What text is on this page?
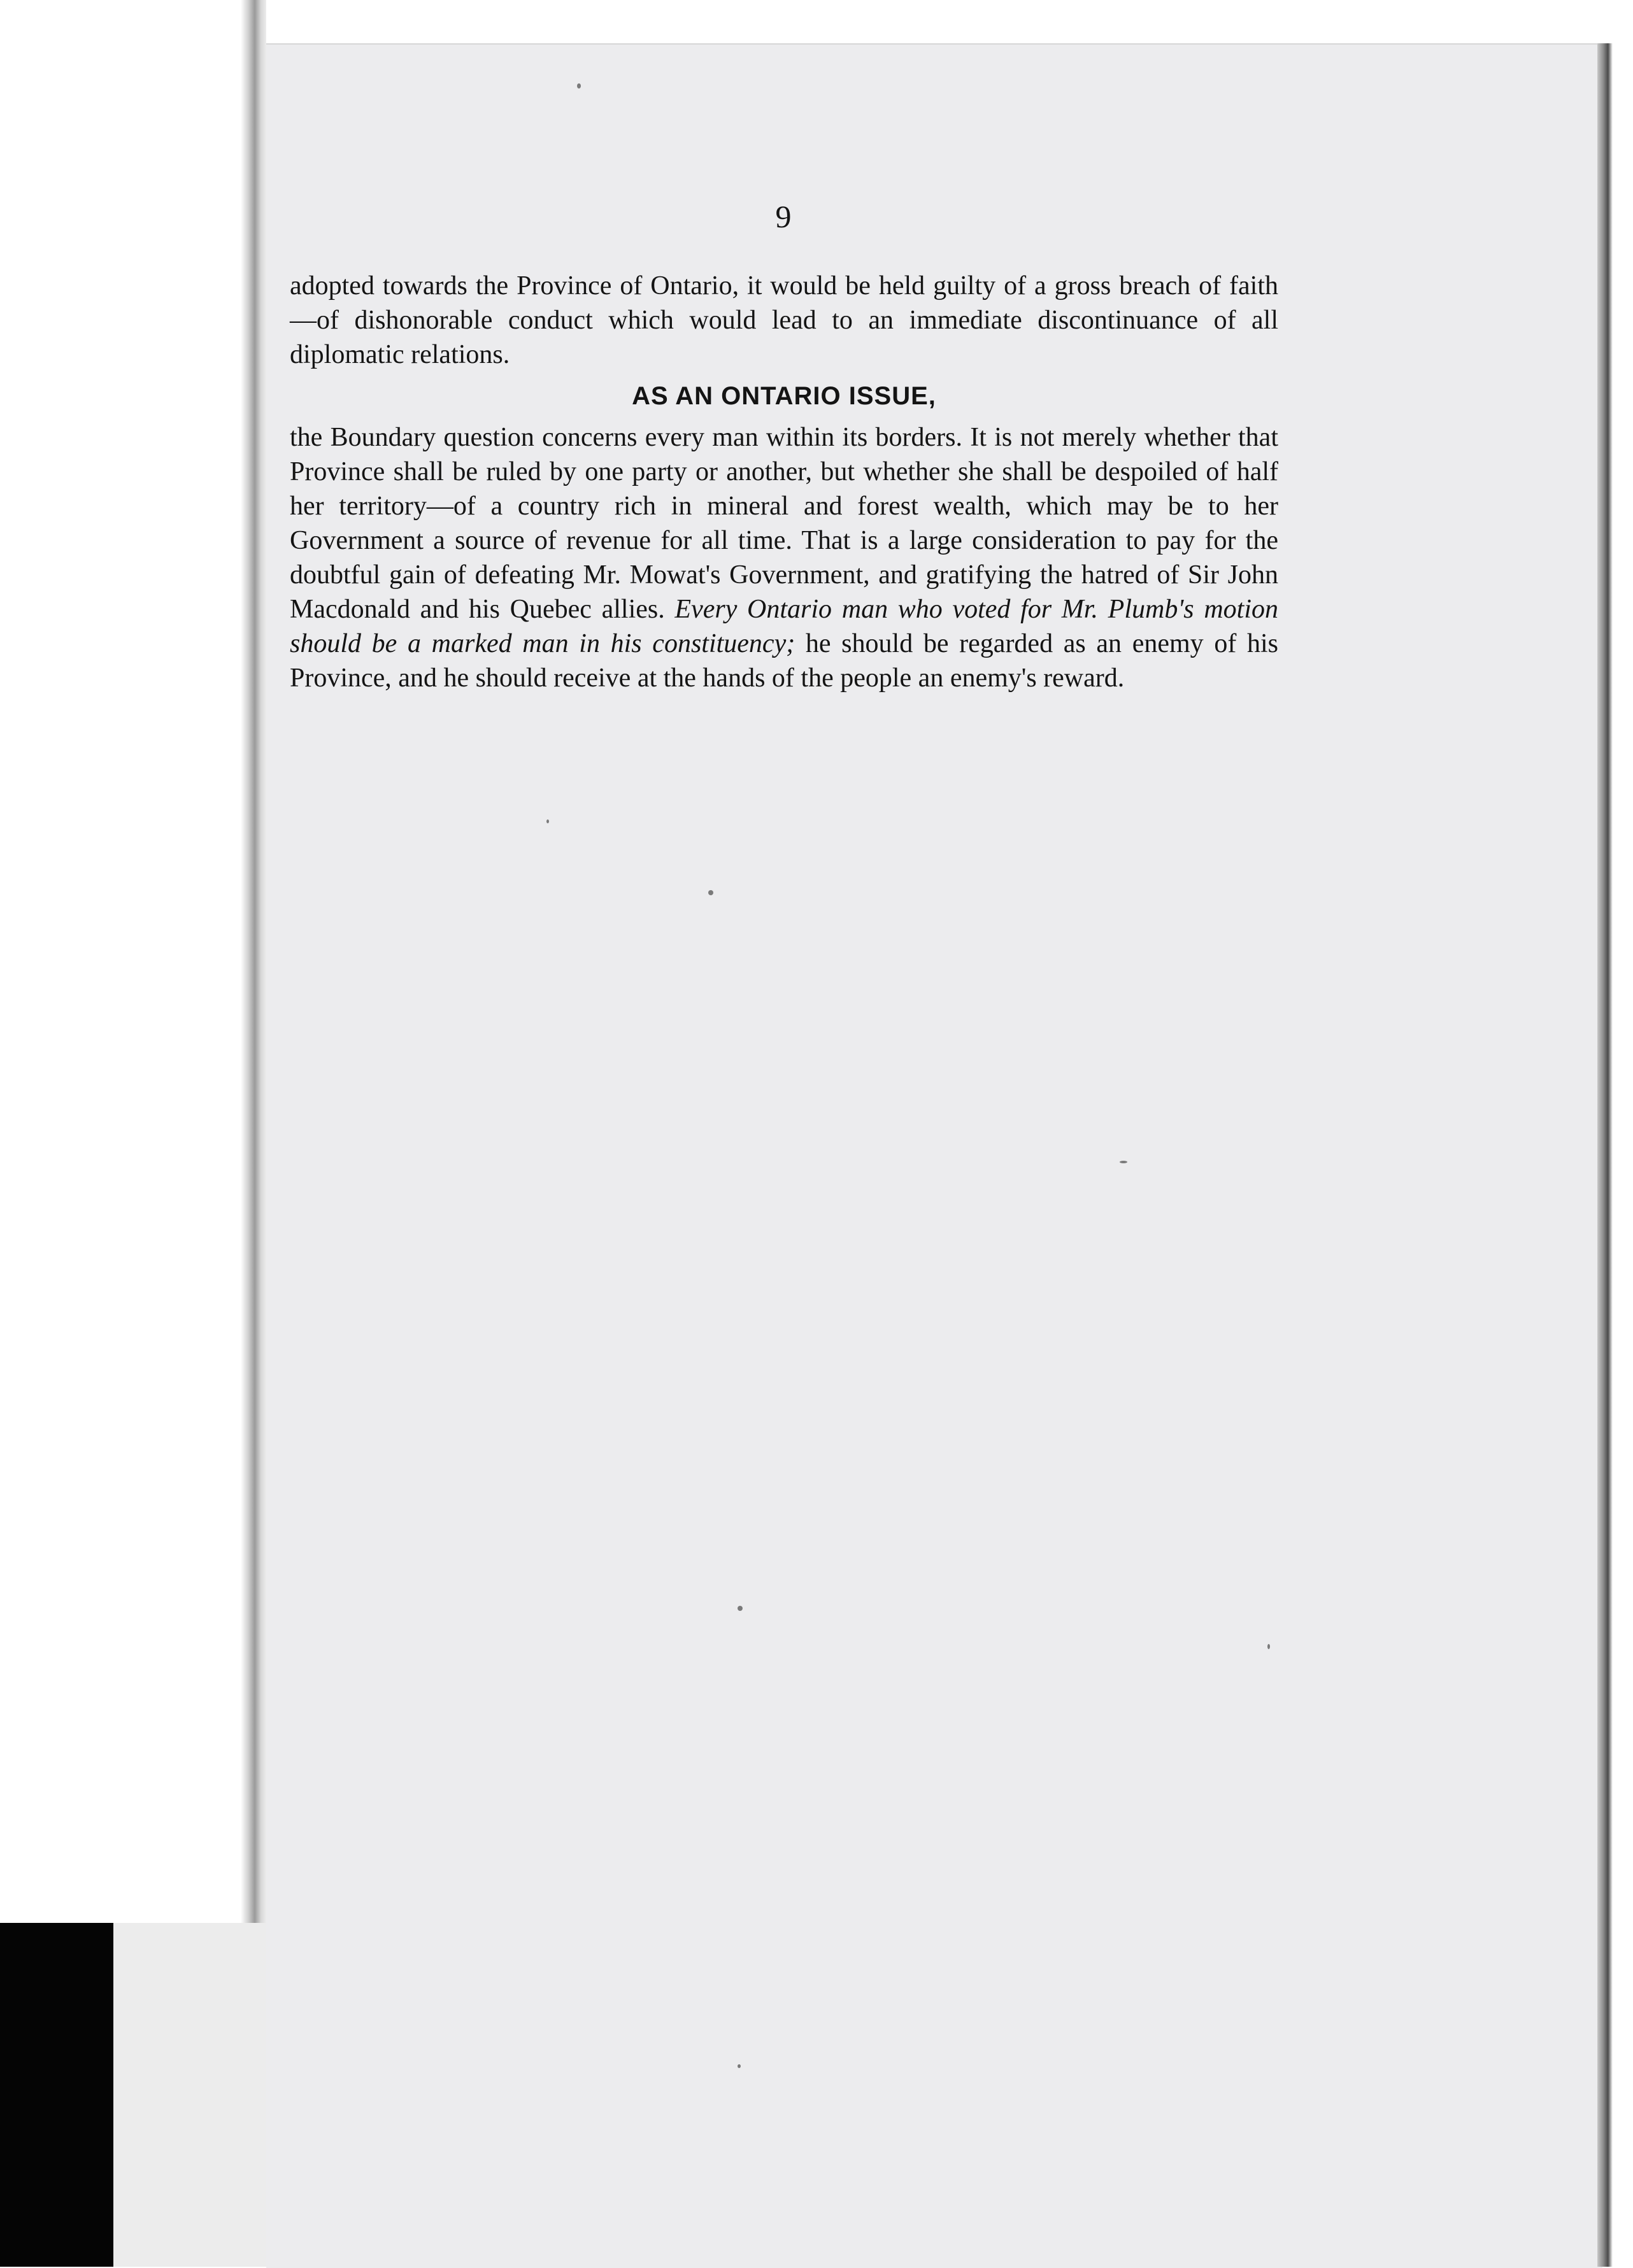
9

adopted towards the Province of Ontario, it would be held guilty of a gross breach of faith—of dishonorable conduct which would lead to an immediate discontinuance of all diplomatic relations.

AS AN ONTARIO ISSUE,

the Boundary question concerns every man within its borders. It is not merely whether that Province shall be ruled by one party or another, but whether she shall be despoiled of half her territory—of a country rich in mineral and forest wealth, which may be to her Government a source of revenue for all time. That is a large consideration to pay for the doubtful gain of defeating Mr. Mowat's Government, and gratifying the hatred of Sir John Macdonald and his Quebec allies. Every Ontario man who voted for Mr. Plumb's motion should be a marked man in his constituency; he should be regarded as an enemy of his Province, and he should receive at the hands of the people an enemy's reward.
